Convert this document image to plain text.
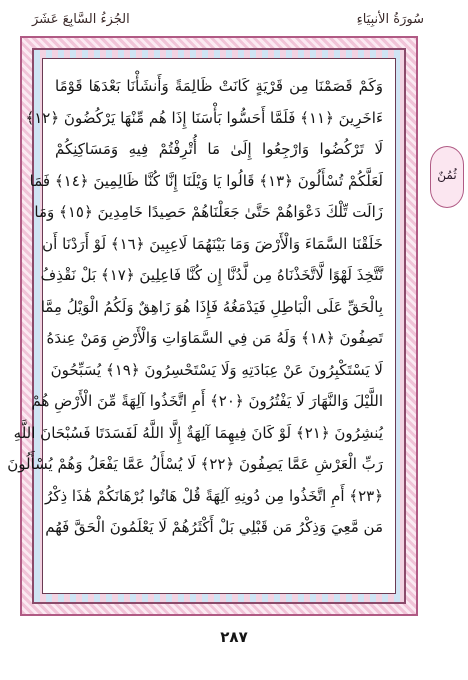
سُورَةُ الأنبِيَاءِ
الجُزءُ السَّابِعَ عَشَرَ
وَكَمْ قَصَمْنَا مِن قَرْيَةٍ كَانَتْ ظَالِمَةً وَأَنشَأْنَا بَعْدَهَا قَوْمًا
ءَاخَرِينَ ﴿١١﴾ فَلَمَّا أَحَسُّوا بَأْسَنَا إِذَا هُم مِّنْهَا يَرْكُضُونَ ﴿١٢﴾
لَا تَرْكُضُوا وَارْجِعُوا إِلَىٰ مَا أُتْرِفْتُمْ فِيهِ وَمَسَاكِنِكُمْ
لَعَلَّكُمْ تُسْأَلُونَ ﴿١٣﴾ قَالُوا يَا وَيْلَنَا إِنَّا كُنَّا ظَالِمِينَ ﴿١٤﴾ فَمَا
زَالَت تِّلْكَ دَعْوَاهُمْ حَتَّىٰ جَعَلْنَاهُمْ حَصِيدًا خَامِدِينَ ﴿١٥﴾ وَمَا
خَلَقْنَا السَّمَاءَ وَالْأَرْضَ وَمَا بَيْنَهُمَا لَاعِبِينَ ﴿١٦﴾ لَوْ أَرَدْنَا أَن
نَّتَّخِذَ لَهْوًا لَّاتَّخَذْنَاهُ مِن لَّدُنَّا إِن كُنَّا فَاعِلِينَ ﴿١٧﴾ بَلْ نَقْذِفُ
بِالْحَقِّ عَلَى الْبَاطِلِ فَيَدْمَغُهُ فَإِذَا هُوَ زَاهِقٌ وَلَكُمُ الْوَيْلُ مِمَّا
تَصِفُونَ ﴿١٨﴾ وَلَهُ مَن فِي السَّمَاوَاتِ وَالْأَرْضِ وَمَنْ عِندَهُ
لَا يَسْتَكْبِرُونَ عَنْ عِبَادَتِهِ وَلَا يَسْتَحْسِرُونَ ﴿١٩﴾ يُسَبِّحُونَ
اللَّيْلَ وَالنَّهَارَ لَا يَفْتُرُونَ ﴿٢٠﴾ أَمِ اتَّخَذُوا آلِهَةً مِّنَ الْأَرْضِ هُمْ
يُنشِرُونَ ﴿٢١﴾ لَوْ كَانَ فِيهِمَا آلِهَةٌ إِلَّا اللَّهُ لَفَسَدَتَا فَسُبْحَانَ اللَّهِ
رَبِّ الْعَرْشِ عَمَّا يَصِفُونَ ﴿٢٢﴾ لَا يُسْأَلُ عَمَّا يَفْعَلُ وَهُمْ يُسْأَلُونَ
﴿٢٣﴾ أَمِ اتَّخَذُوا مِن دُونِهِ آلِهَةً قُلْ هَاتُوا بُرْهَانَكُمْ هَٰذَا ذِكْرُ
مَن مَّعِيَ وَذِكْرُ مَن قَبْلِي بَلْ أَكْثَرُهُمْ لَا يَعْلَمُونَ الْحَقَّ فَهُم
ثُمُنٌ
٢٨٧
